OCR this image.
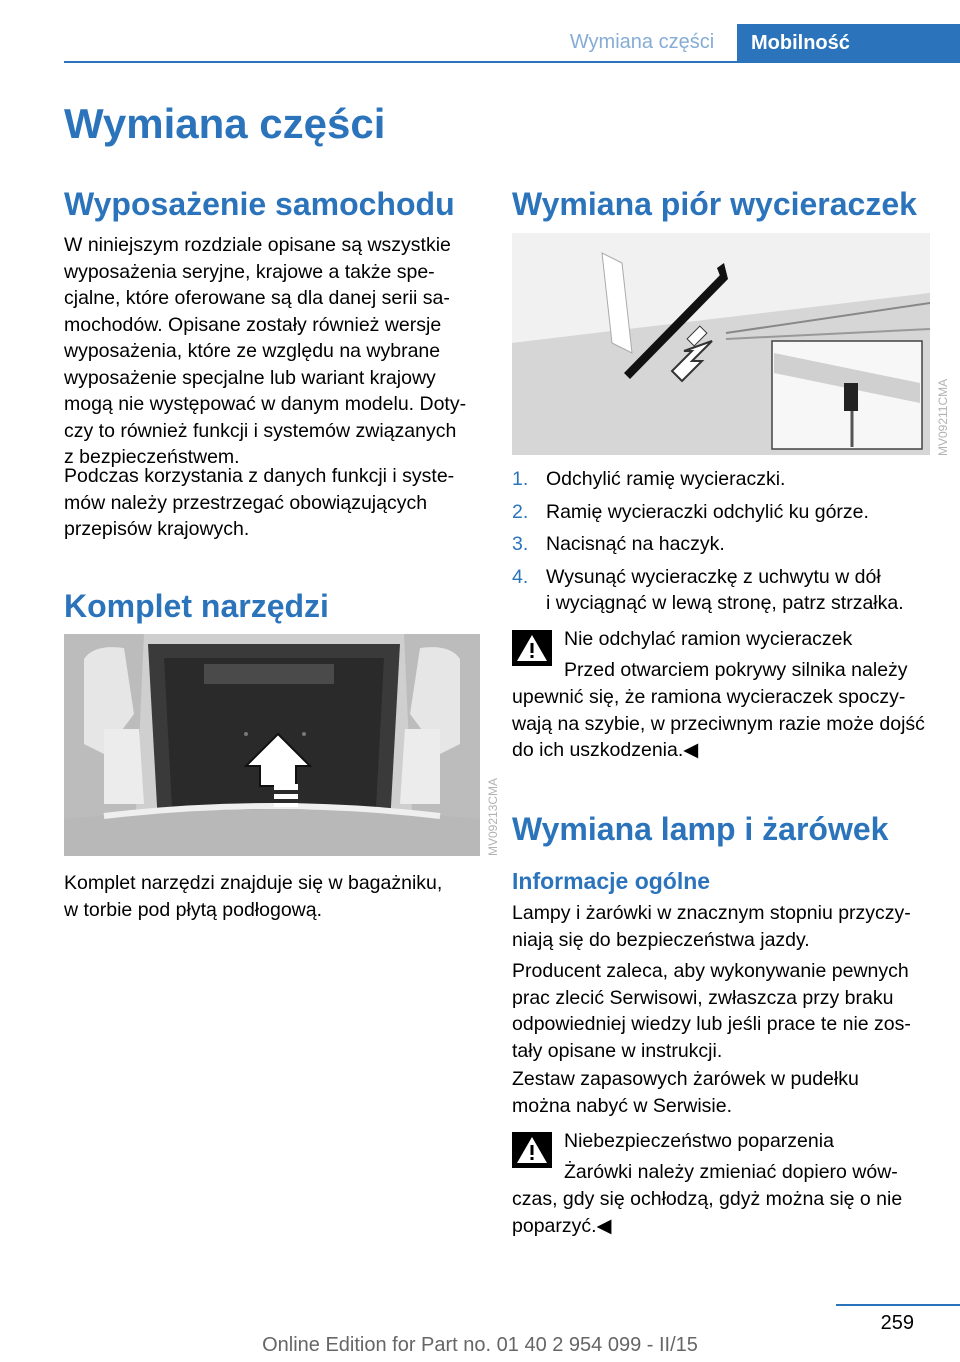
Wymiana części	Mobilność
Wymiana części
Wyposażenie samochodu

W niniejszym rozdziale opisane są wszystkie
wyposażenia seryjne, krajowe a także spe-
cjalne, które oferowane są dla danej serii sa-
mochodów. Opisane zostały również wersje
wyposażenia, które ze względu na wybrane
wyposażenie specjalne lub wariant krajowy
mogą nie występować w danym modelu. Doty-
czy to również funkcji i systemów związanych
z bezpieczeństwem.

Podczas korzystania z danych funkcji i syste-
mów należy przestrzegać obowiązujących
przepisów krajowych.

Komplet narzędzi
MV09213CMA

Komplet narzędzi znajduje się w bagażniku,
w torbie pod płytą podłogową.

Wymiana piór wycieraczek
MV09211CMA
1. Odchylić ramię wycieraczki.
2. Ramię wycieraczki odchylić ku górze.
3. Nacisnąć na haczyk.
4. Wysunąć wycieraczkę z uchwytu w dół
i wyciągnąć w lewą stronę, patrz strzałka.

Nie odchylać ramion wycieraczek

Przed otwarciem pokrywy silnika należy

upewnić się, że ramiona wycieraczek spoczy-
wają na szybie, w przeciwnym razie może dojść
do ich uszkodzenia.◀

Wymiana lamp i żarówek
Informacje ogólne

Lampy i żarówki w znacznym stopniu przyczy-
niają się do bezpieczeństwa jazdy.

Producent zaleca, aby wykonywanie pewnych
prac zlecić Serwisowi, zwłaszcza przy braku
odpowiedniej wiedzy lub jeśli prace te nie zos-
tały opisane w instrukcji.

Zestaw zapasowych żarówek w pudełku
można nabyć w Serwisie.

Niebezpieczeństwo poparzenia

Żarówki należy zmieniać dopiero wów-

czas, gdy się ochłodzą, gdyż można się o nie
poparzyć.◀

259
Online Edition for Part no. 01 40 2 954 099 - II/15
